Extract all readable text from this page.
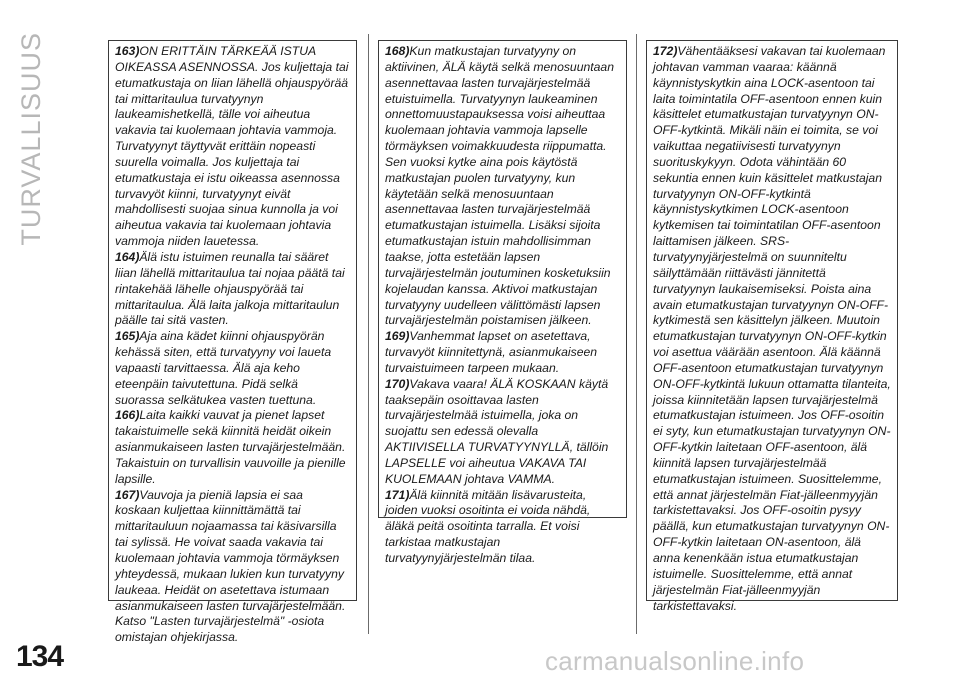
TURVALLISUUS	163)ON ERITTÄIN TÄRKEÄÄ ISTUA OIKEASSA ASENNOSSA. Jos kuljettaja tai etumatkustaja on liian lähellä ohjauspyörää tai mittaritaulua turvatyynyn laukeamishetkellä, tälle voi aiheutua vakavia tai kuolemaan johtavia vammoja. Turvatyynyt täyttyvät erittäin nopeasti suurella voimalla. Jos kuljettaja tai etumatkustaja ei istu oikeassa asennossa turvavyöt kiinni, turvatyynyt eivät mahdollisesti suojaa sinua kunnolla ja voi aiheutua vakavia tai kuolemaan johtavia vammoja niiden lauetessa.

164)Älä istu istuimen reunalla tai sääret liian lähellä mittaritaulua tai nojaa päätä tai rintakehää lähelle ohjauspyörää tai mittaritaulua. Älä laita jalkoja mittaritaulun päälle tai sitä vasten.

165)Aja aina kädet kiinni ohjauspyörän kehässä siten, että turvatyyny voi laueta vapaasti tarvittaessa. Älä aja keho eteenpäin taivutettuna. Pidä selkä suorassa selkätukea vasten tuettuna.

166)Laita kaikki vauvat ja pienet lapset takaistuimelle sekä kiinnitä heidät oikein asianmukaiseen lasten turvajärjestelmään. Takaistuin on turvallisin vauvoille ja pienille lapsille.

167)Vauvoja ja pieniä lapsia ei saa koskaan kuljettaa kiinnittämättä tai mittaritauluun nojaamassa tai käsivarsilla tai sylissä. He voivat saada vakavia tai kuolemaan johtavia vammoja törmäyksen yhteydessä, mukaan lukien kun turvatyyny laukeaa. Heidät on asetettava istumaan asianmukaiseen lasten turvajärjestelmään. Katso "Lasten turvajärjestelmä" -osiota omistajan ohjekirjassa.

168)Kun matkustajan turvatyyny on aktiivinen, ÄLÄ käytä selkä menosuuntaan asennettavaa lasten turvajärjestelmää etuistuimella. Turvatyynyn laukeaminen onnettomuustapauksessa voisi aiheuttaa kuolemaan johtavia vammoja lapselle törmäyksen voimakkuudesta riippumatta. Sen vuoksi kytke aina pois käytöstä matkustajan puolen turvatyyny, kun käytetään selkä menosuuntaan asennettavaa lasten turvajärjestelmää etumatkustajan istuimella. Lisäksi sijoita etumatkustajan istuin mahdollisimman taakse, jotta estetään lapsen turvajärjestelmän joutuminen kosketuksiin kojelaudan kanssa. Aktivoi matkustajan turvatyyny uudelleen välittömästi lapsen turvajärjestelmän poistamisen jälkeen.

169)Vanhemmat lapset on asetettava, turvavyöt kiinnitettynä, asianmukaiseen turvaistuimeen tarpeen mukaan.

170)Vakava vaara! ÄLÄ KOSKAAN käytä taaksepäin osoittavaa lasten turvajärjestelmää istuimella, joka on suojattu sen edessä olevalla AKTIIVISELLA TURVATYYNYLLÄ, tällöin LAPSELLE voi aiheutua VAKAVA TAI KUOLEMAAN johtava VAMMA.

171)Älä kiinnitä mitään lisävarusteita, joiden vuoksi osoitinta ei voida nähdä, äläkä peitä osoitinta tarralla. Et voisi tarkistaa matkustajan turvatyynyjärjestelmän tilaa.

172)Vähentääksesi vakavan tai kuolemaan johtavan vamman vaaraa: käännä käynnistyskytkin aina LOCK-asentoon tai laita toimintatila OFF-asentoon ennen kuin käsittelet etumatkustajan turvatyynyn ON-OFF-kytkintä. Mikäli näin ei toimita, se voi vaikuttaa negatiivisesti turvatyynyn suorituskykyyn. Odota vähintään 60 sekuntia ennen kuin käsittelet matkustajan turvatyynyn ON-OFF-kytkintä käynnistyskytkimen LOCK-asentoon kytkemisen tai toimintatilan OFF-asentoon laittamisen jälkeen. SRS-turvatyynyjärjestelmä on suunniteltu säilyttämään riittävästi jännitettä turvatyynyn laukaisemiseksi. Poista aina avain etumatkustajan turvatyynyn ON-OFF-kytkimestä sen käsittelyn jälkeen. Muutoin etumatkustajan turvatyynyn ON-OFF-kytkin voi asettua väärään asentoon. Älä käännä OFF-asentoon etumatkustajan turvatyynyn ON-OFF-kytkintä lukuun ottamatta tilanteita, joissa kiinnitetään lapsen turvajärjestelmä etumatkustajan istuimeen. Jos OFF-osoitin ei syty, kun etumatkustajan turvatyynyn ON-OFF-kytkin laitetaan OFF-asentoon, älä kiinnitä lapsen turvajärjestelmää etumatkustajan istuimeen. Suosittelemme, että annat järjestelmän Fiat-jälleenmyyjän tarkistettavaksi. Jos OFF-osoitin pysyy päällä, kun etumatkustajan turvatyynyn ON-OFF-kytkin laitetaan ON-asentoon, älä anna kenenkään istua etumatkustajan istuimelle. Suosittelemme, että annat järjestelmän Fiat-jälleenmyyjän tarkistettavaksi.

134	carmanualsonline.info
